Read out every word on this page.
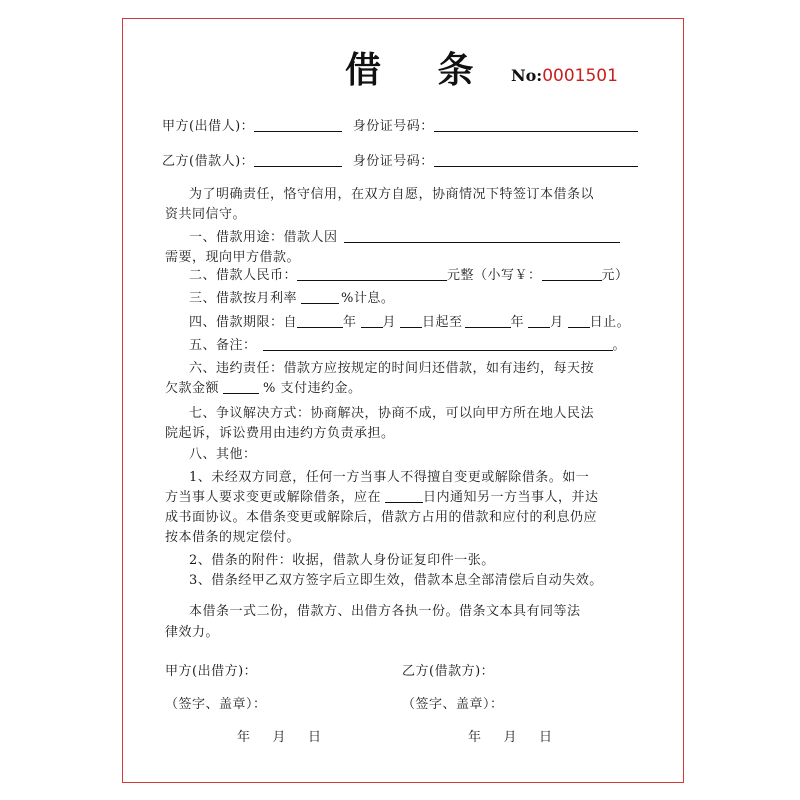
借 条 No:0001501
甲方(出借人)：	身份证号码：
乙方(借款人)：	身份证号码：
为了明确责任，恪守信用，在双方自愿，协商情况下特签订本借条以
资共同信守。
一、借款用途：借款人因
需要，现向甲方借款。
二、借款人民币：	元整（小写￥：	元）
三、借款按月利率	%计息。
四、借款期限：自	年 月 日起至	年 月 日止。
五、备注：	。
六、违约责任：借款方应按规定的时间归还借款，如有违约，每天按
欠款金额	% 支付违约金。
七、争议解决方式：协商解决，协商不成，可以向甲方所在地人民法
院起诉，诉讼费用由违约方负责承担。
八、其他：
1、未经双方同意，任何一方当事人不得擅自变更或解除借条。如一
方当事人要求变更或解除借条，应在	日内通知另一方当事人，并达
成书面协议。本借条变更或解除后，借款方占用的借款和应付的利息仍应
按本借条的规定偿付。
2、借条的附件：收据，借款人身份证复印件一张。
3、借条经甲乙双方签字后立即生效，借款本息全部清偿后自动失效。
本借条一式二份，借款方、出借方各执一份。借条文本具有同等法
律效力。
甲方(出借方)：	乙方(借款方)：
（签字、盖章）：	（签字、盖章）：
年 月 日	年 月 日
